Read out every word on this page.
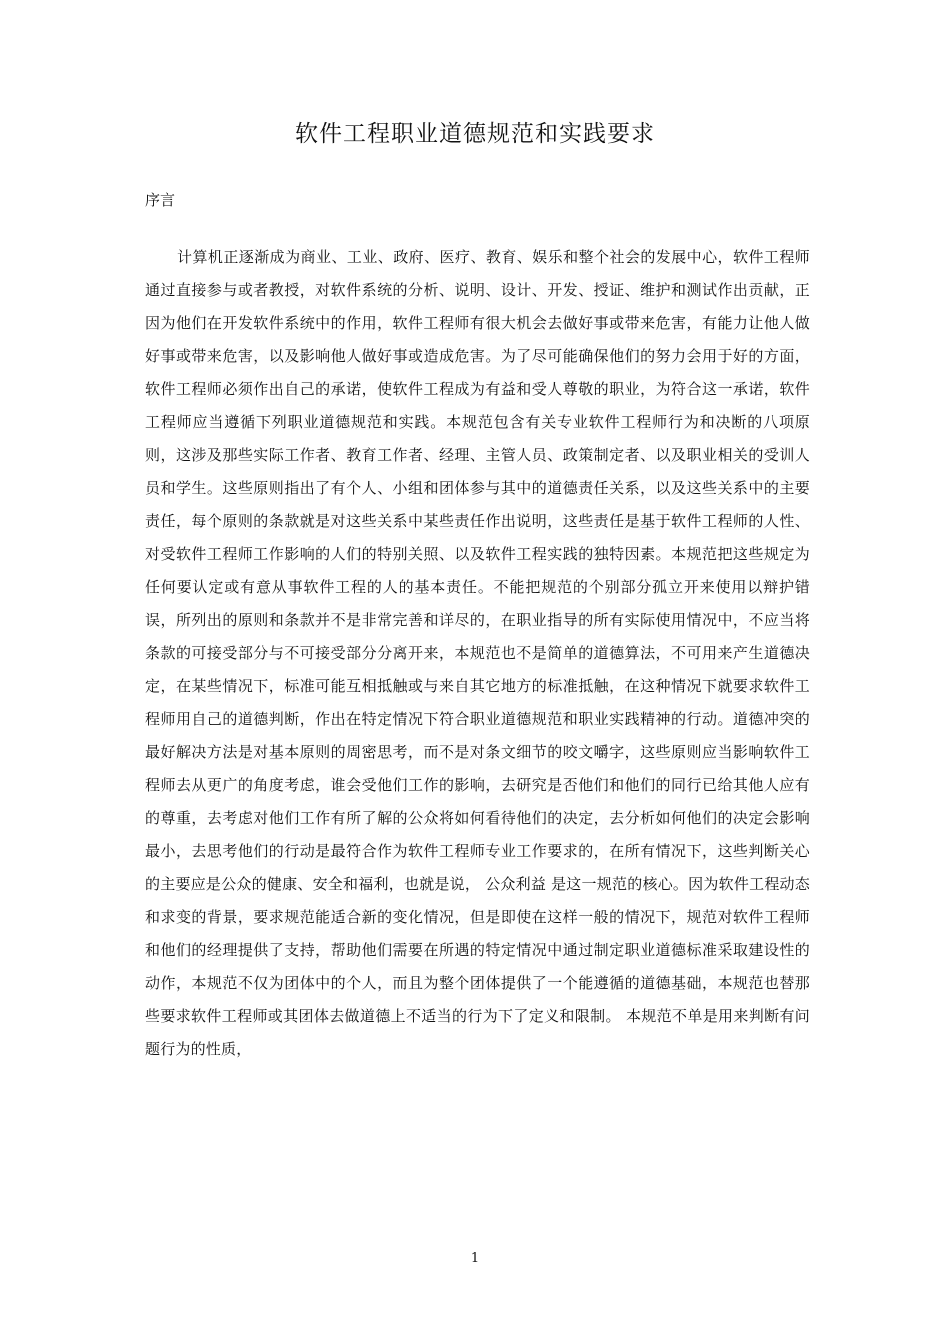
软件工程职业道德规范和实践要求

序言

计算机正逐渐成为商业、工业、政府、医疗、教育、娱乐和整个社会的发展中心，软件工程师通过直接参与或者教授，对软件系统的分析、说明、设计、开发、授证、维护和测试作出贡献，正因为他们在开发软件系统中的作用，软件工程师有很大机会去做好事或带来危害，有能力让他人做好事或带来危害，以及影响他人做好事或造成危害。为了尽可能确保他们的努力会用于好的方面，软件工程师必须作出自己的承诺，使软件工程成为有益和受人尊敬的职业，为符合这一承诺，软件工程师应当遵循下列职业道德规范和实践。本规范包含有关专业软件工程师行为和决断的八项原则，这涉及那些实际工作者、教育工作者、经理、主管人员、政策制定者、以及职业相关的受训人员和学生。这些原则指出了有个人、小组和团体参与其中的道德责任关系，以及这些关系中的主要责任，每个原则的条款就是对这些关系中某些责任作出说明，这些责任是基于软件工程师的人性、对受软件工程师工作影响的人们的特别关照、以及软件工程实践的独特因素。本规范把这些规定为任何要认定或有意从事软件工程的人的基本责任。不能把规范的个别部分孤立开来使用以辩护错误，所列出的原则和条款并不是非常完善和详尽的，在职业指导的所有实际使用情况中，不应当将条款的可接受部分与不可接受部分分离开来，本规范也不是简单的道德算法，不可用来产生道德决定，在某些情况下，标准可能互相抵触或与来自其它地方的标准抵触，在这种情况下就要求软件工程师用自己的道德判断，作出在特定情况下符合职业道德规范和职业实践精神的行动。道德冲突的最好解决方法是对基本原则的周密思考，而不是对条文细节的咬文嚼字，这些原则应当影响软件工程师去从更广的角度考虑，谁会受他们工作的影响，去研究是否他们和他们的同行已给其他人应有的尊重，去考虑对他们工作有所了解的公众将如何看待他们的决定，去分析如何他们的决定会影响最小，去思考他们的行动是最符合作为软件工程师专业工作要求的，在所有情况下，这些判断关心的主要应是公众的健康、安全和福利，也就是说， 公众利益 是这一规范的核心。因为软件工程动态和求变的背景，要求规范能适合新的变化情况，但是即使在这样一般的情况下，规范对软件工程师和他们的经理提供了支持，帮助他们需要在所遇的特定情况中通过制定职业道德标准采取建设性的动作，本规范不仅为团体中的个人，而且为整个团体提供了一个能遵循的道德基础，本规范也替那些要求软件工程师或其团体去做道德上不适当的行为下了定义和限制。 本规范不单是用来判断有问题行为的性质，

1
